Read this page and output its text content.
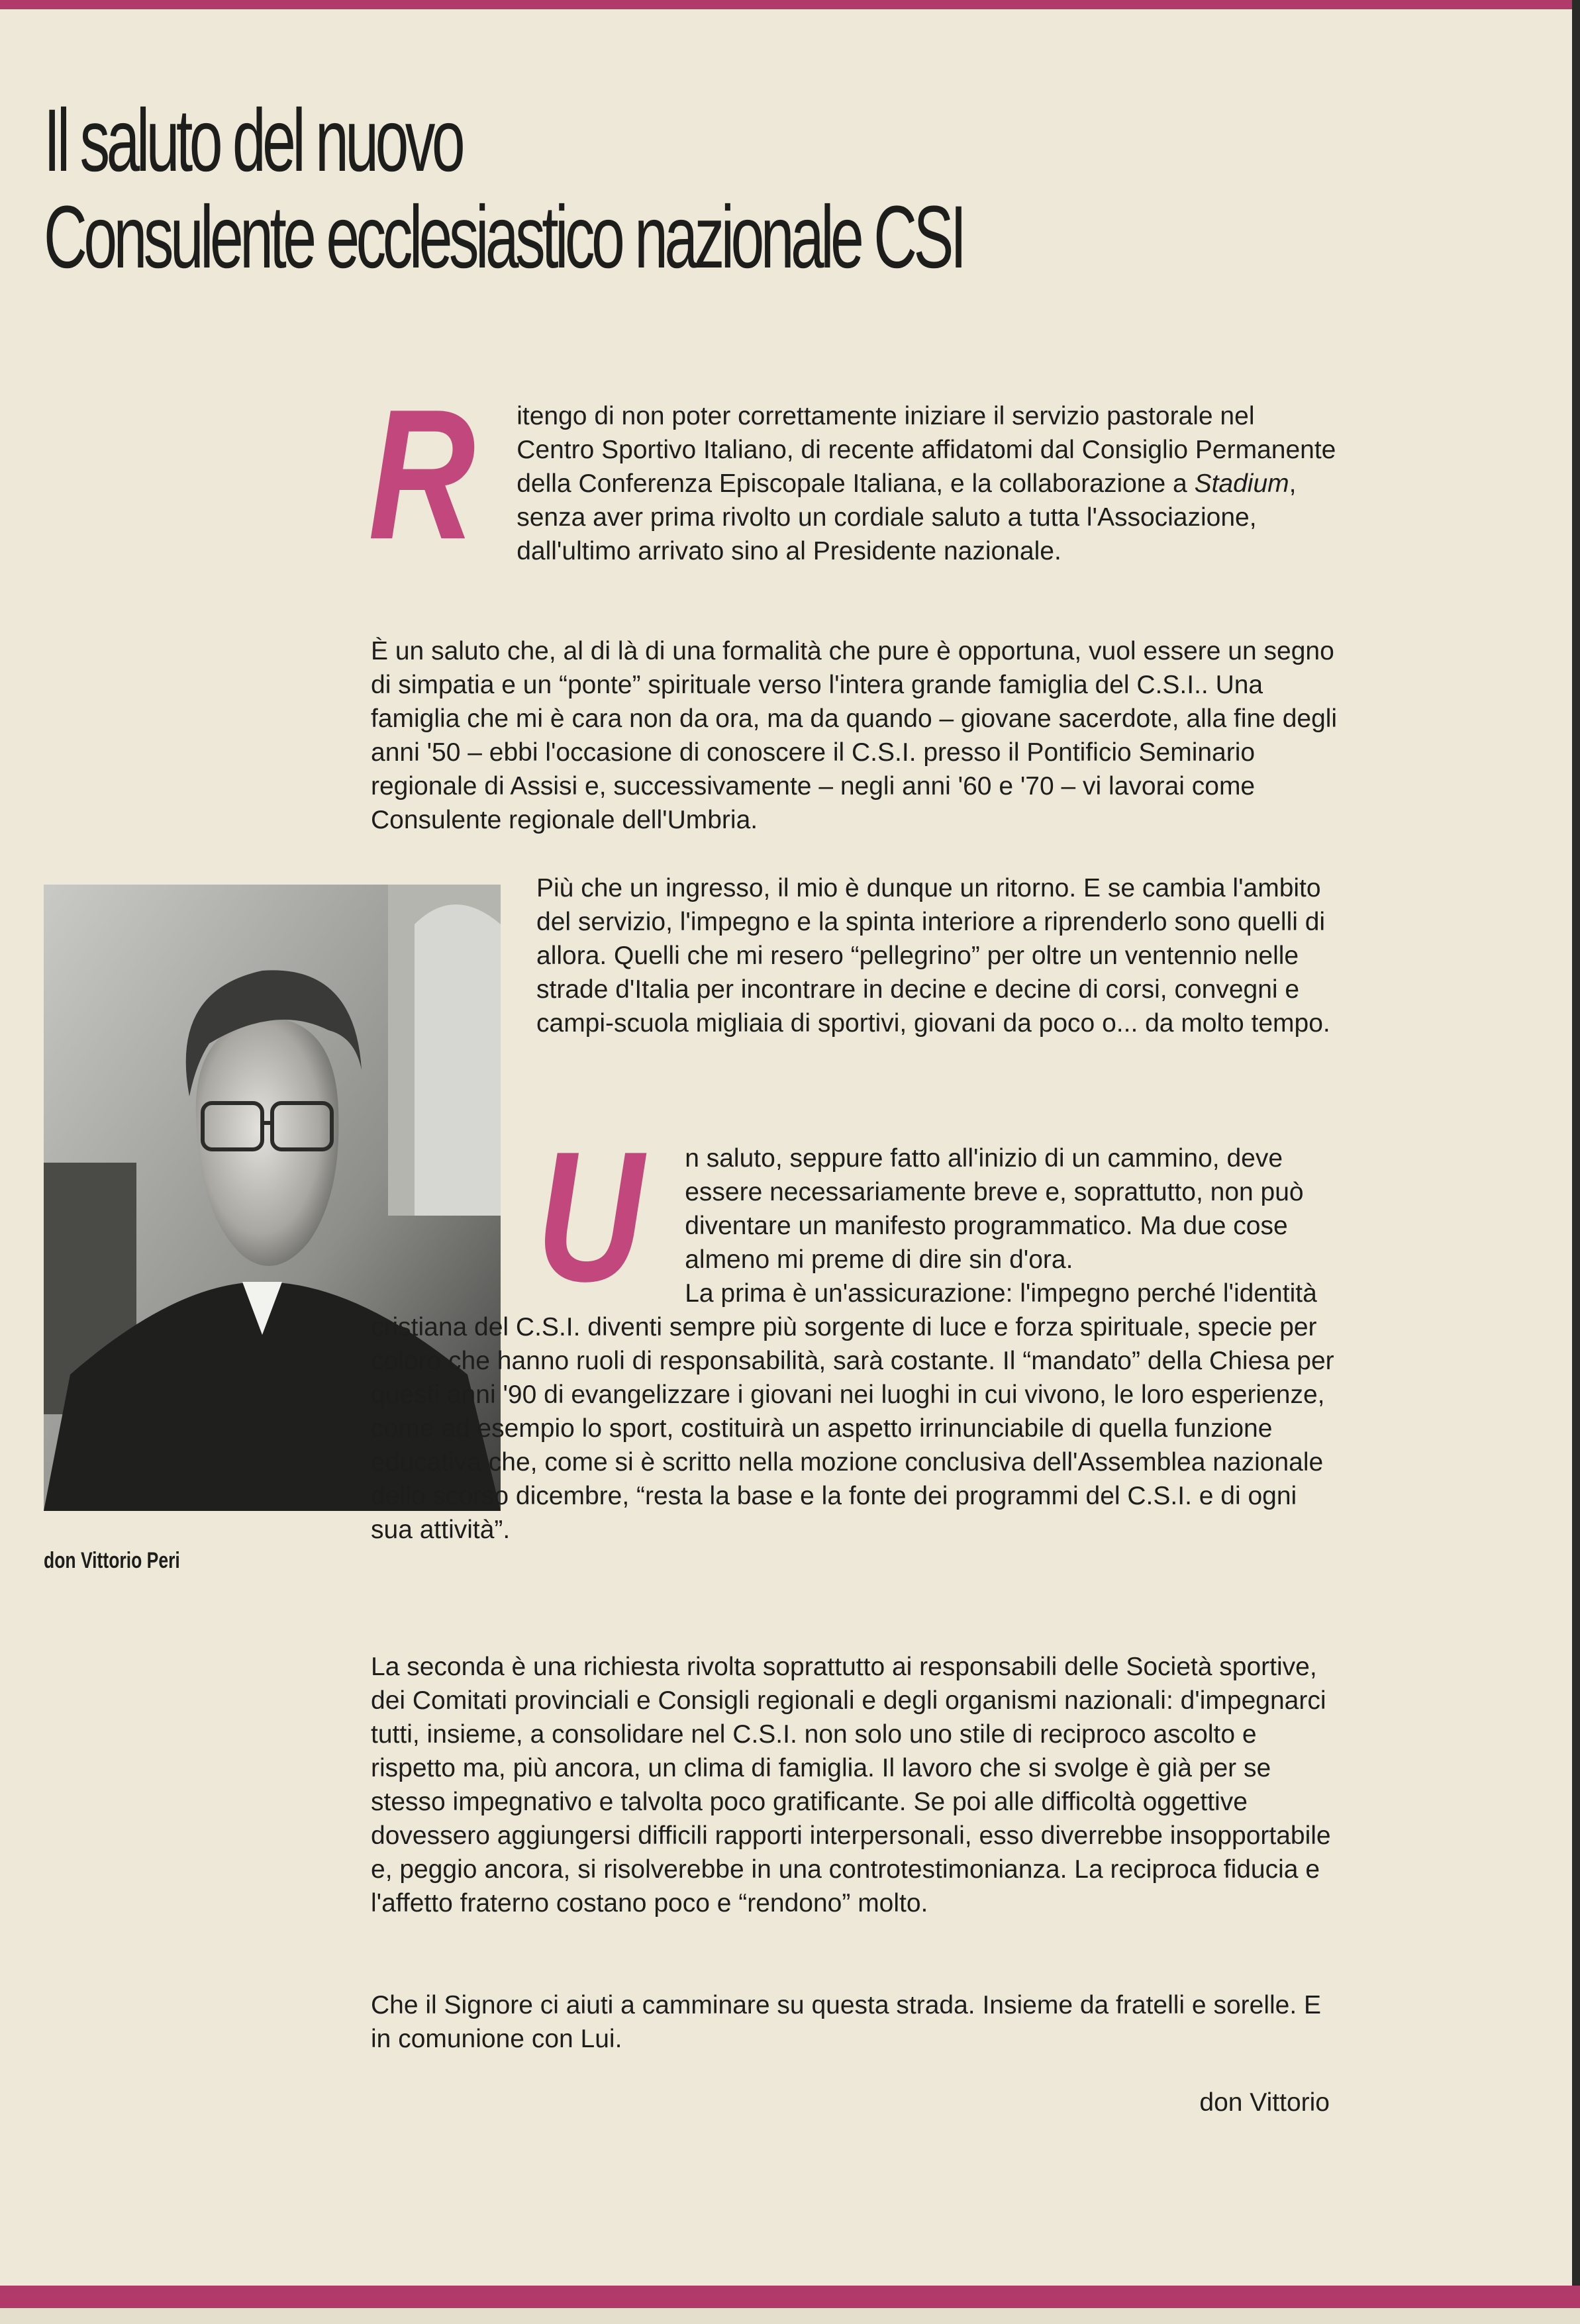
Il saluto del nuovo
Consulente ecclesiastico nazionale CSI

R itengo di non poter correttamente iniziare il servizio pastorale nel Centro Sportivo Italiano, di recente affidatomi dal Consiglio Permanente della Conferenza Episcopale Italiana, e la collaborazione a Stadium, senza aver prima rivolto un cordiale saluto a tutta l'Associazione, dall'ultimo arrivato sino al Presidente nazionale.

È un saluto che, al di là di una formalità che pure è opportuna, vuol essere un segno di simpatia e un “ponte” spirituale verso l'intera grande famiglia del C.S.I.. Una famiglia che mi è cara non da ora, ma da quando – giovane sacerdote, alla fine degli anni '50 – ebbi l'occasione di conoscere il C.S.I. presso il Pontificio Seminario regionale di Assisi e, successivamente – negli anni '60 e '70 – vi lavorai come Consulente regionale dell'Umbria.

don Vittorio Peri

Più che un ingresso, il mio è dunque un ritorno. E se cambia l'ambito del servizio, l'impegno e la spinta interiore a riprenderlo sono quelli di allora. Quelli che mi resero “pellegrino” per oltre un ventennio nelle strade d'Italia per incontrare in decine e decine di corsi, convegni e campi-scuola migliaia di sportivi, giovani da poco o... da molto tempo.

U n saluto, seppure fatto all'inizio di un cammino, deve essere necessariamente breve e, soprattutto, non può diventare un manifesto programmatico. Ma due cose almeno mi preme di dire sin d'ora.
La prima è un'assicurazione: l'impegno perché l'identità cristiana del C.S.I. diventi sempre più sorgente di luce e forza spirituale, specie per coloro che hanno ruoli di responsabilità, sarà costante. Il “mandato” della Chiesa per questi anni '90 di evangelizzare i giovani nei luoghi in cui vivono, le loro esperienze, come ad esempio lo sport, costituirà un aspetto irrinunciabile di quella funzione educativa che, come si è scritto nella mozione conclusiva dell'Assemblea nazionale dello scorso dicembre, “resta la base e la fonte dei programmi del C.S.I. e di ogni sua attività”.

La seconda è una richiesta rivolta soprattutto ai responsabili delle Società sportive, dei Comitati provinciali e Consigli regionali e degli organismi nazionali: d'impegnarci tutti, insieme, a consolidare nel C.S.I. non solo uno stile di reciproco ascolto e rispetto ma, più ancora, un clima di famiglia. Il lavoro che si svolge è già per se stesso impegnativo e talvolta poco gratificante. Se poi alle difficoltà oggettive dovessero aggiungersi difficili rapporti interpersonali, esso diverrebbe insopportabile e, peggio ancora, si risolverebbe in una controtestimonianza. La reciproca fiducia e l'affetto fraterno costano poco e “rendono” molto.

Che il Signore ci aiuti a camminare su questa strada. Insieme da fratelli e sorelle. E in comunione con Lui.

don Vittorio
